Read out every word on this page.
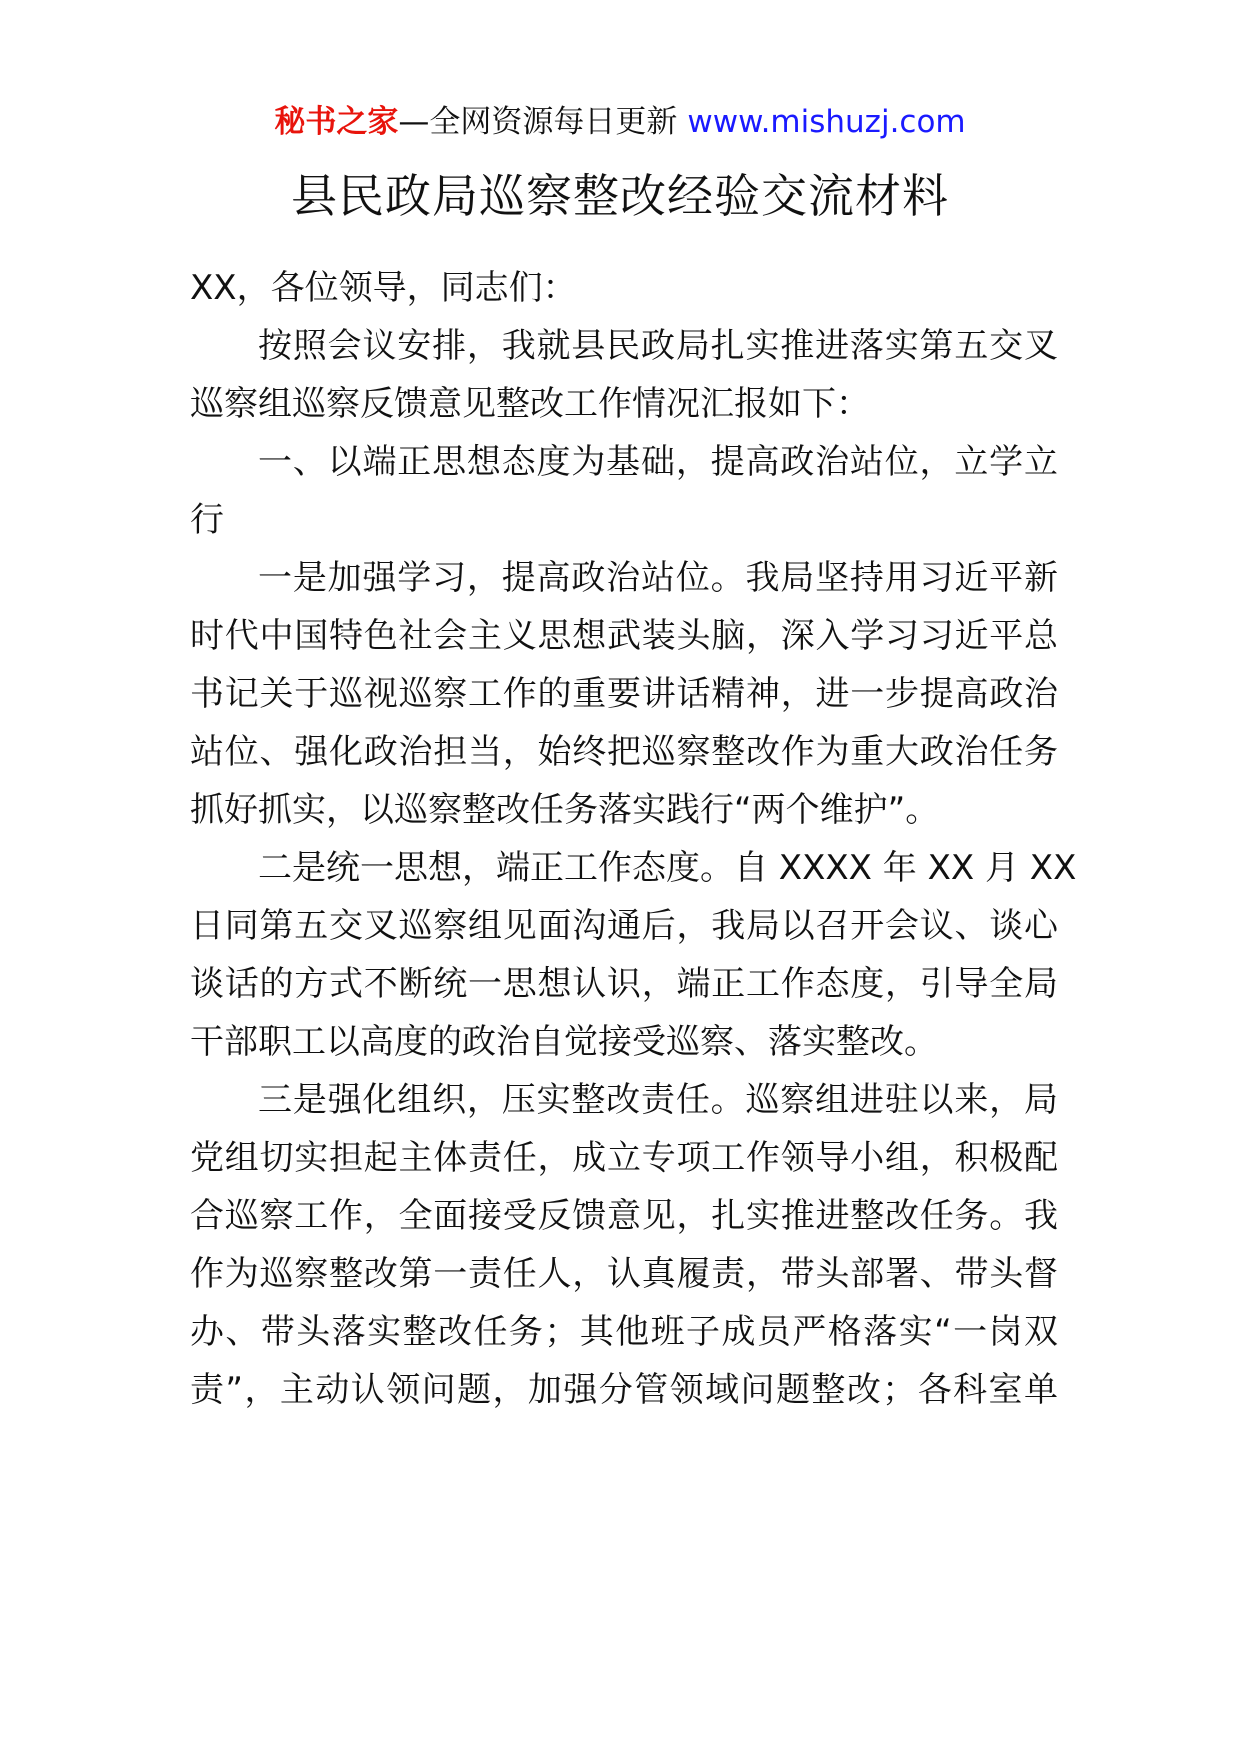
秘书之家—全网资源每日更新 www.mishuzj.com
县民政局巡察整改经验交流材料
XX，各位领导，同志们：
按照会议安排，我就县民政局扎实推进落实第五交叉
巡察组巡察反馈意见整改工作情况汇报如下：
一、以端正思想态度为基础，提高政治站位，立学立
行
一是加强学习，提高政治站位。我局坚持用习近平新
时代中国特色社会主义思想武装头脑，深入学习习近平总
书记关于巡视巡察工作的重要讲话精神，进一步提高政治
站位、强化政治担当，始终把巡察整改作为重大政治任务
抓好抓实，以巡察整改任务落实践行“两个维护”。
二是统一思想，端正工作态度。自 XXXX 年 XX 月 XX
日同第五交叉巡察组见面沟通后，我局以召开会议、谈心
谈话的方式不断统一思想认识，端正工作态度，引导全局
干部职工以高度的政治自觉接受巡察、落实整改。
三是强化组织，压实整改责任。巡察组进驻以来，局
党组切实担起主体责任，成立专项工作领导小组，积极配
合巡察工作，全面接受反馈意见，扎实推进整改任务。我
作为巡察整改第一责任人，认真履责，带头部署、带头督
办、带头落实整改任务；其他班子成员严格落实“一岗双
责”，主动认领问题，加强分管领域问题整改；各科室单
